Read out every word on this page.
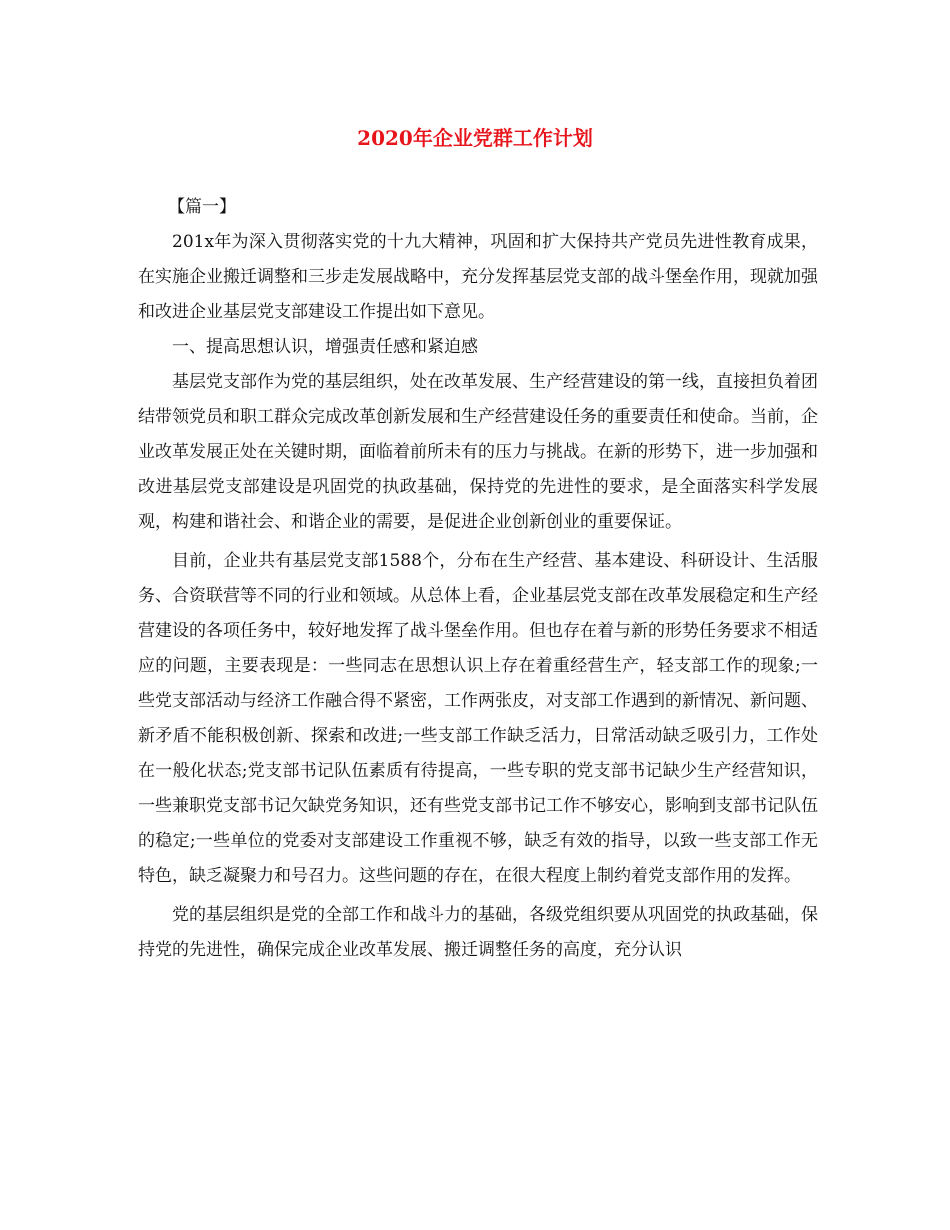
2020年企业党群工作计划

【篇一】

201x年为深入贯彻落实党的十九大精神，巩固和扩大保持共产党员先进性教育成果，在实施企业搬迁调整和三步走发展战略中，充分发挥基层党支部的战斗堡垒作用，现就加强和改进企业基层党支部建设工作提出如下意见。

一、提高思想认识，增强责任感和紧迫感

基层党支部作为党的基层组织，处在改革发展、生产经营建设的第一线，直接担负着团结带领党员和职工群众完成改革创新发展和生产经营建设任务的重要责任和使命。当前，企业改革发展正处在关键时期，面临着前所未有的压力与挑战。在新的形势下，进一步加强和改进基层党支部建设是巩固党的执政基础，保持党的先进性的要求，是全面落实科学发展观，构建和谐社会、和谐企业的需要，是促进企业创新创业的重要保证。

目前，企业共有基层党支部1588个，分布在生产经营、基本建设、科研设计、生活服务、合资联营等不同的行业和领域。从总体上看，企业基层党支部在改革发展稳定和生产经营建设的各项任务中，较好地发挥了战斗堡垒作用。但也存在着与新的形势任务要求不相适应的问题，主要表现是：一些同志在思想认识上存在着重经营生产，轻支部工作的现象;一些党支部活动与经济工作融合得不紧密，工作两张皮，对支部工作遇到的新情况、新问题、新矛盾不能积极创新、探索和改进;一些支部工作缺乏活力，日常活动缺乏吸引力，工作处在一般化状态;党支部书记队伍素质有待提高，一些专职的党支部书记缺少生产经营知识，一些兼职党支部书记欠缺党务知识，还有些党支部书记工作不够安心，影响到支部书记队伍的稳定;一些单位的党委对支部建设工作重视不够，缺乏有效的指导，以致一些支部工作无特色，缺乏凝聚力和号召力。这些问题的存在，在很大程度上制约着党支部作用的发挥。

党的基层组织是党的全部工作和战斗力的基础，各级党组织要从巩固党的执政基础，保持党的先进性，确保完成企业改革发展、搬迁调整任务的高度，充分认识
